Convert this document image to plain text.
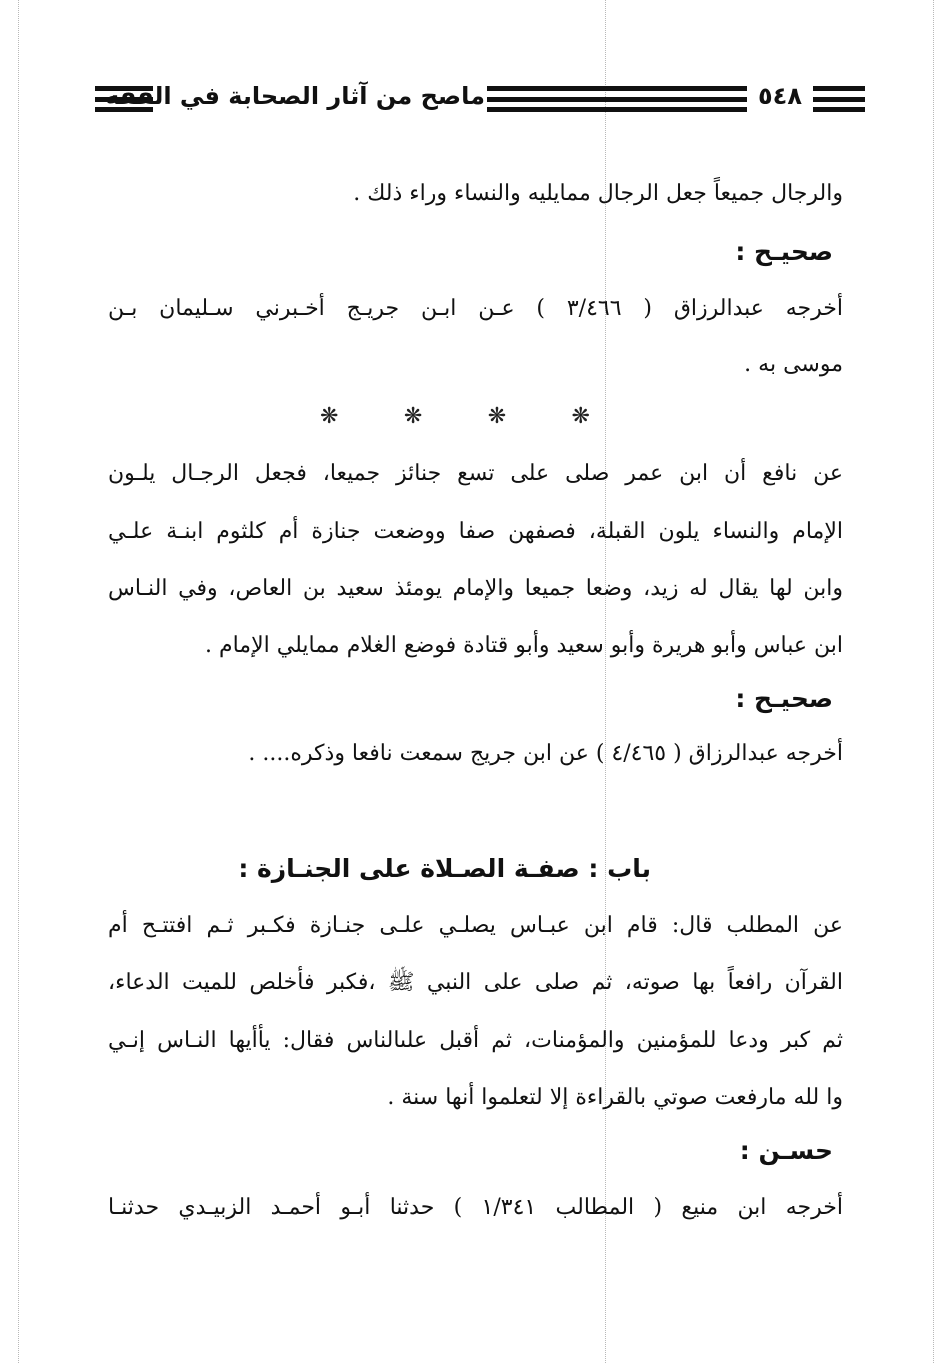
ماصح من آثار الصحابة في الفقه	٥٤٨
والرجال جميعاً جعل الرجال ممايليه والنساء وراء ذلك .
صحيـح :
أخرجه عبدالرزاق ( ٣/٤٦٦ ) عـن ابـن جريـج أخـبرني سـليمان بـن
موسى به .
❋	❋	❋	❋
عن نافع أن ابن عمر صلى على تسع جنائز جميعا، فجعل الرجـال يلـون
الإمام والنساء يلون القبلة، فصفهن صفا ووضعت جنازة أم كلثوم ابنـة علـي
وابن لها يقال له زيد، وضعا جميعا والإمام يومئذ سعيد بن العاص، وفي النـاس
ابن عباس وأبو هريرة وأبو سعيد وأبو قتادة فوضع الغلام ممايلي الإمام .
صحيـح :
أخرجه عبدالرزاق ( ٤/٤٦٥ ) عن ابن جريج سمعت نافعا وذكره.... .
باب : صفـة الصـلاة على الجنـازة :
عن المطلب قال: قام ابن عبـاس يصلـي علـى جنـازة فكـبر ثـم افتتـح أم
القرآن رافعاً بها صوته، ثم صلى على النبي ﷺ ،فكبر فأخلص للميت الدعاء،
ثم كبر ودعا للمؤمنين والمؤمنات، ثم أقبل علىالناس فقال: يأأيها النـاس إنـي
وا لله مارفعت صوتي بالقراءة إلا لتعلموا أنها سنة .
حسـن :
أخرجه ابن منيع ( المطالب ١/٣٤١ ) حدثنا أبـو أحمـد الزبيـدي حدثنـا
